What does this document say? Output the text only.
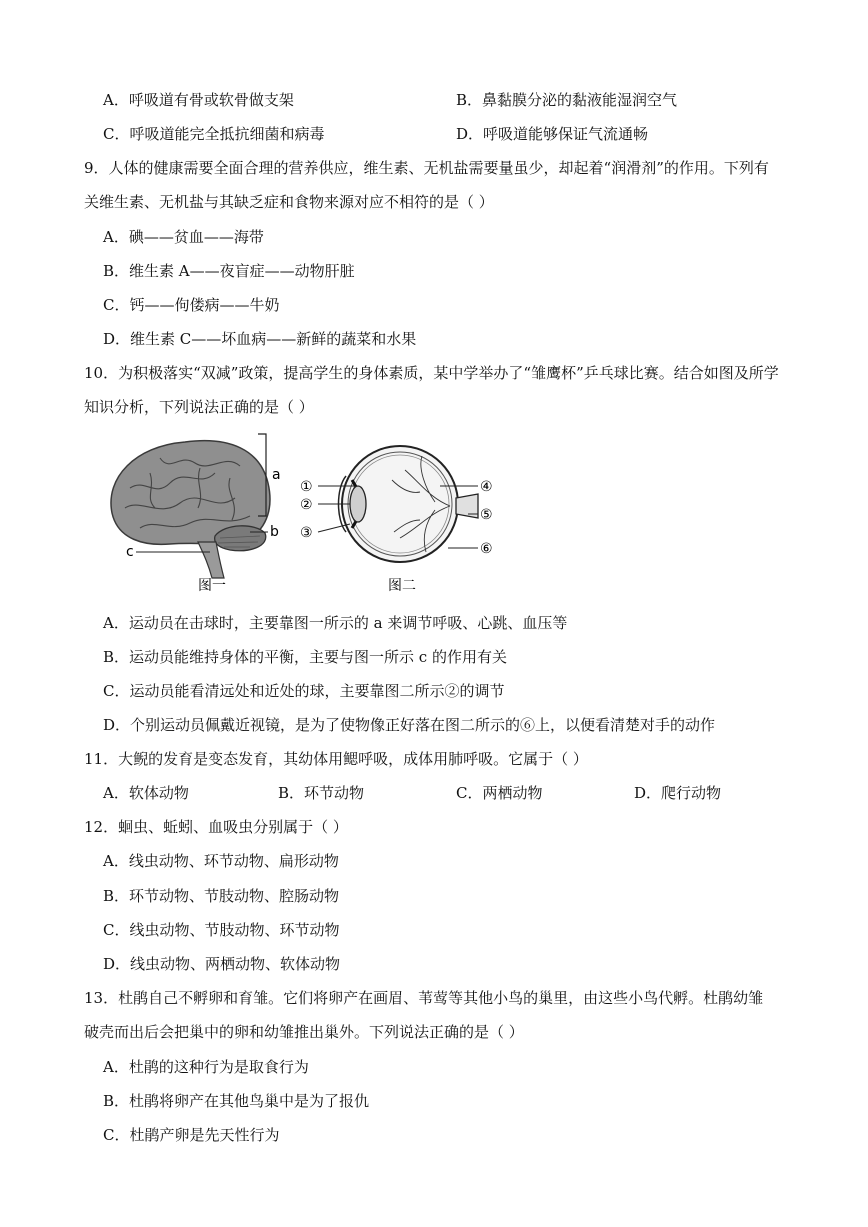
A．呼吸道有骨或软骨做支架	B．鼻黏膜分泌的黏液能湿润空气
C．呼吸道能完全抵抗细菌和病毒	D．呼吸道能够保证气流通畅
9．人体的健康需要全面合理的营养供应，维生素、无机盐需要量虽少，却起着“润滑剂”的作用。下列有
关维生素、无机盐与其缺乏症和食物来源对应不相符的是（ ）
A．碘——贫血——海带
B．维生素 A——夜盲症——动物肝脏
C．钙——佝偻病——牛奶
D．维生素 C——坏血病——新鲜的蔬菜和水果
10．为积极落实“双减”政策，提高学生的身体素质，某中学举办了“雏鹰杯”乒乓球比赛。结合如图及所学
知识分析，下列说法正确的是（ ）
a
b
c
图一
①
②
③
④
⑤
⑥
图二
A．运动员在击球时，主要靠图一所示的 a 来调节呼吸、心跳、血压等
B．运动员能维持身体的平衡，主要与图一所示 c 的作用有关
C．运动员能看清远处和近处的球，主要靠图二所示②的调节
D．个别运动员佩戴近视镜，是为了使物像正好落在图二所示的⑥上，以便看清楚对手的动作
11．大鲵的发育是变态发育，其幼体用鳃呼吸，成体用肺呼吸。它属于（ ）
A．软体动物	B．环节动物	C．两栖动物	D．爬行动物
12．蛔虫、蚯蚓、血吸虫分别属于（ ）
A．线虫动物、环节动物、扁形动物
B．环节动物、节肢动物、腔肠动物
C．线虫动物、节肢动物、环节动物
D．线虫动物、两栖动物、软体动物
13．杜鹃自己不孵卵和育雏。它们将卵产在画眉、苇莺等其他小鸟的巢里，由这些小鸟代孵。杜鹃幼雏
破壳而出后会把巢中的卵和幼雏推出巢外。下列说法正确的是（ ）
A．杜鹃的这种行为是取食行为
B．杜鹃将卵产在其他鸟巢中是为了报仇
C．杜鹃产卵是先天性行为
